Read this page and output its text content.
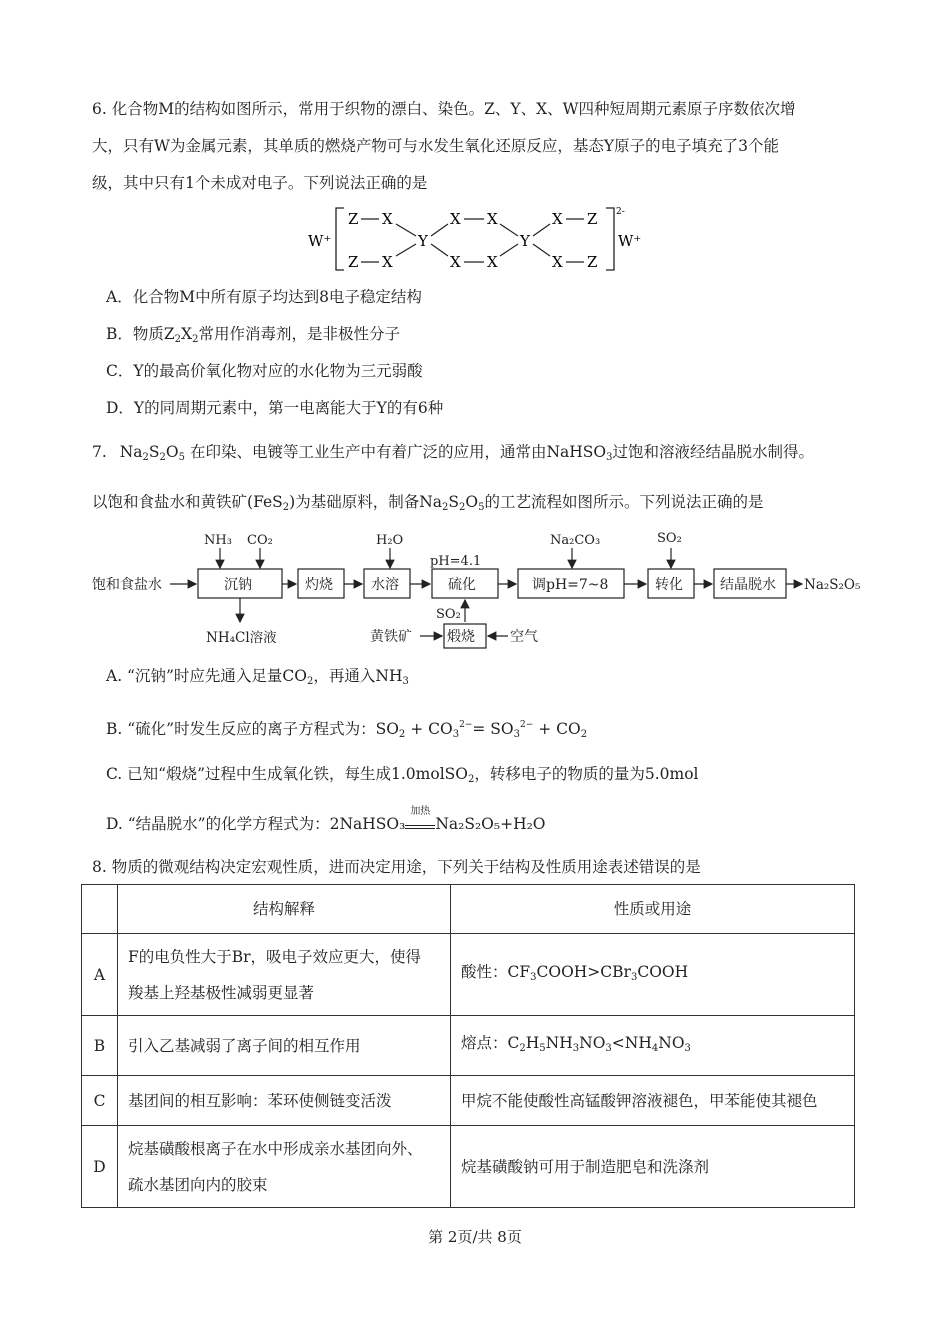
6. 化合物M的结构如图所示，常用于织物的漂白、染色。Z、Y、X、W四种短周期元素原子序数依次增
大，只有W为金属元素，其单质的燃烧产物可与水发生氧化还原反应，基态Y原子的电子填充了3个能
级，其中只有1个未成对电子。下列说法正确的是
W⁺
2-
W⁺
Z X
Y
X X
Y
X Z
Z X	X X	X Z
A．化合物M中所有原子均达到8电子稳定结构
B．物质$Z_2X_2$常用作消毒剂，是非极性分子
C．Y的最高价氧化物对应的水化物为三元弱酸
D．Y的同周期元素中，第一电离能大于Y的有6种
7. $Na_2S_2O_5$ 在印染、电镀等工业生产中有着广泛的应用，通常由NaHSO$_3$过饱和溶液经结晶脱水制得。
以饱和食盐水和黄铁矿(FeS$_2$)为基础原料，制备$Na_2S_2O_5$的工艺流程如图所示。下列说法正确的是
饱和食盐水	沉钠
NH₃ CO₂
NH₄Cl溶液
灼烧	水溶
H₂O
硫化
pH=4.1
SO₂
调pH=7~8
Na₂CO₃
转化
SO₂
结晶脱水 Na₂S₂O₅
煅烧
黄铁矿	空气
A. “沉钠”时应先通入足量$CO_2$，再通入$NH_3$
B. “硫化”时发生反应的离子方程式为：$SO_2 + CO_3^{2-}= SO_3^{2-} + CO_2$
C. 已知“煅烧”过程中生成氧化铁，每生成1.0molSO$_2$，转移电子的物质的量为5.0mol
D. “结晶脱水”的化学方程式为：2NaHSO₃
加热
Na₂S₂O₅+H₂O
8. 物质的微观结构决定宏观性质，进而决定用途，下列关于结构及性质用途表述错误的是
	结构解释	性质或用途
A	F的电负性大于Br，吸电子效应更大，使得
羧基上羟基极性减弱更显著	酸性：$CF_3COOH>CBr_3COOH$
B	引入乙基减弱了离子间的相互作用	熔点：$C_2H_5NH_3NO_3<NH_4NO_3$
C	基团间的相互影响：苯环使侧链变活泼	甲烷不能使酸性高锰酸钾溶液褪色，甲苯能使其褪色
D	烷基磺酸根离子在水中形成亲水基团向外、
疏水基团向内的胶束	烷基磺酸钠可用于制造肥皂和洗涤剂
第 2页/共 8页
